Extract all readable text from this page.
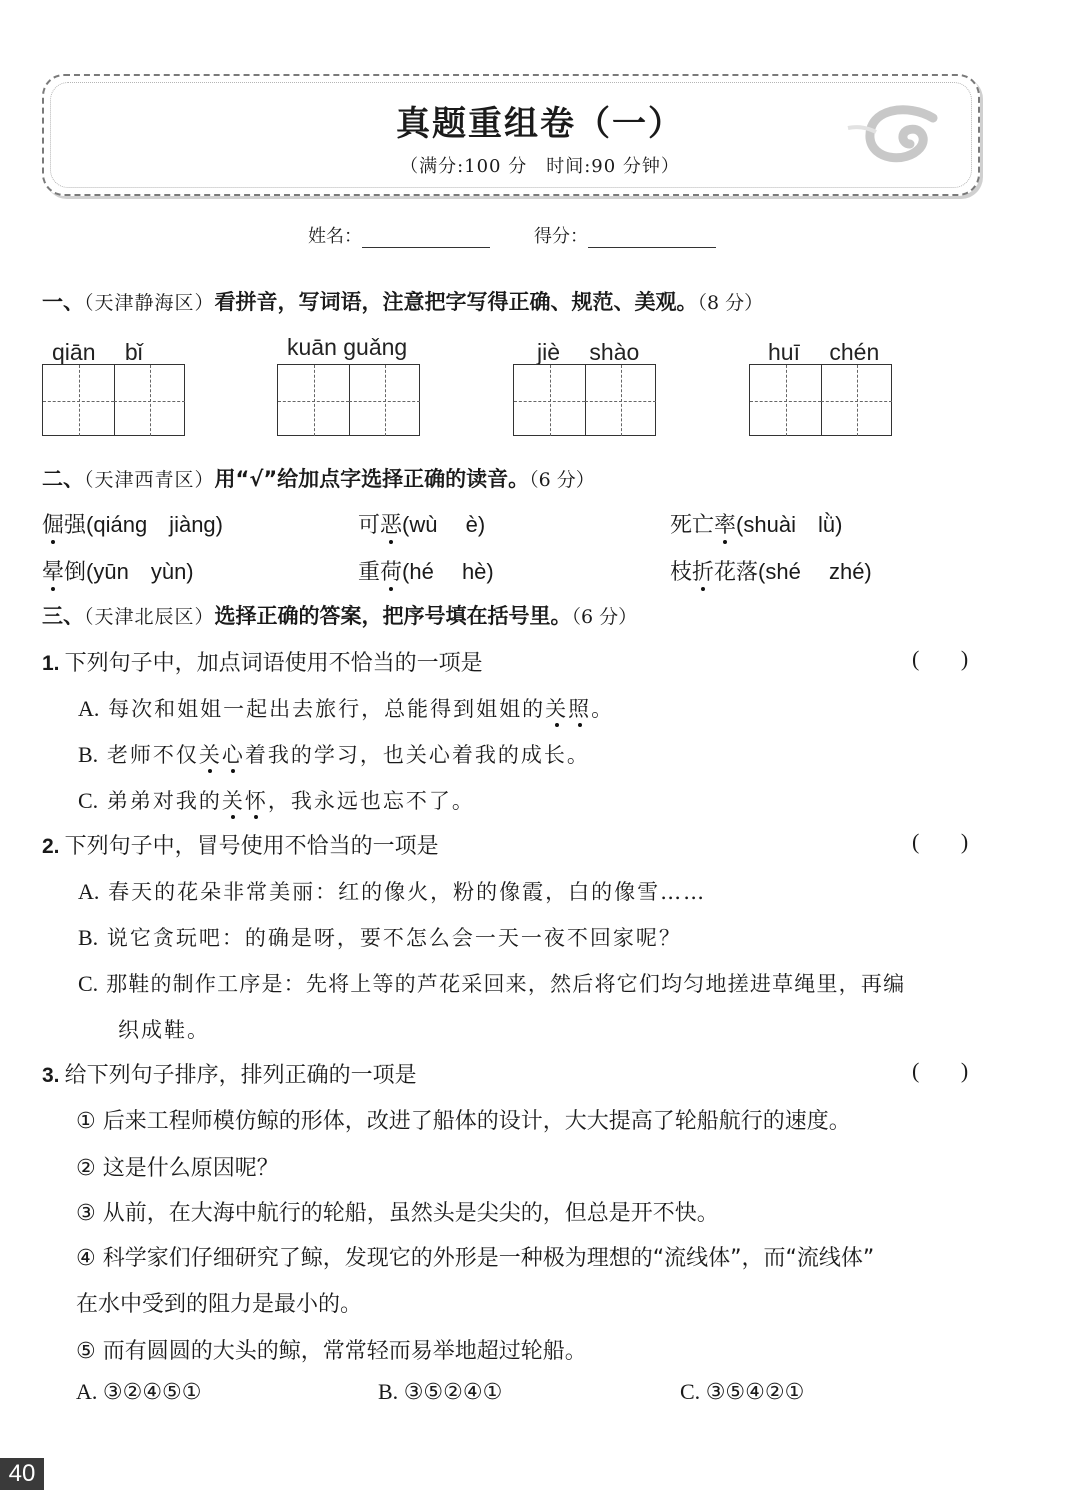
真题重组卷（一）
（满分:100 分　时间:90 分钟）
姓名：	得分：
一、（天津静海区）看拼音，写词语，注意把字写得正确、规范、美观。（8 分）
qiān　 bǐ	kuān guǎng	jiè　 shào	huī　 chén
二、（天津西青区）用“√”给加点字选择正确的读音。（6 分）
倔强(qiáng　jiàng)	可恶(wù　 è)	死亡率(shuài　lǜ)
晕倒(yūn　yùn)	重荷(hé　 hè)	枝折花落(shé　 zhé)
三、（天津北辰区）选择正确的答案，把序号填在括号里。（6 分）
1. 下列句子中，加点词语使用不恰当的一项是	( )
A. 每次和姐姐一起出去旅行，总能得到姐姐的关照。
B. 老师不仅关心着我的学习，也关心着我的成长。
C. 弟弟对我的关怀，我永远也忘不了。
2. 下列句子中，冒号使用不恰当的一项是	( )
A. 春天的花朵非常美丽：红的像火，粉的像霞，白的像雪……
B. 说它贪玩吧：的确是呀，要不怎么会一天一夜不回家呢？
C. 那鞋的制作工序是：先将上等的芦花采回来，然后将它们均匀地搓进草绳里，再编
织成鞋。
3. 给下列句子排序，排列正确的一项是	( )
① 后来工程师模仿鲸的形体，改进了船体的设计，大大提高了轮船航行的速度。
② 这是什么原因呢？
③ 从前，在大海中航行的轮船，虽然头是尖尖的，但总是开不快。
④ 科学家们仔细研究了鲸，发现它的外形是一种极为理想的“流线体”，而“流线体”
在水中受到的阻力是最小的。
⑤ 而有圆圆的大头的鲸，常常轻而易举地超过轮船。
A. ③②④⑤①	B. ③⑤②④①	C. ③⑤④②①
40
